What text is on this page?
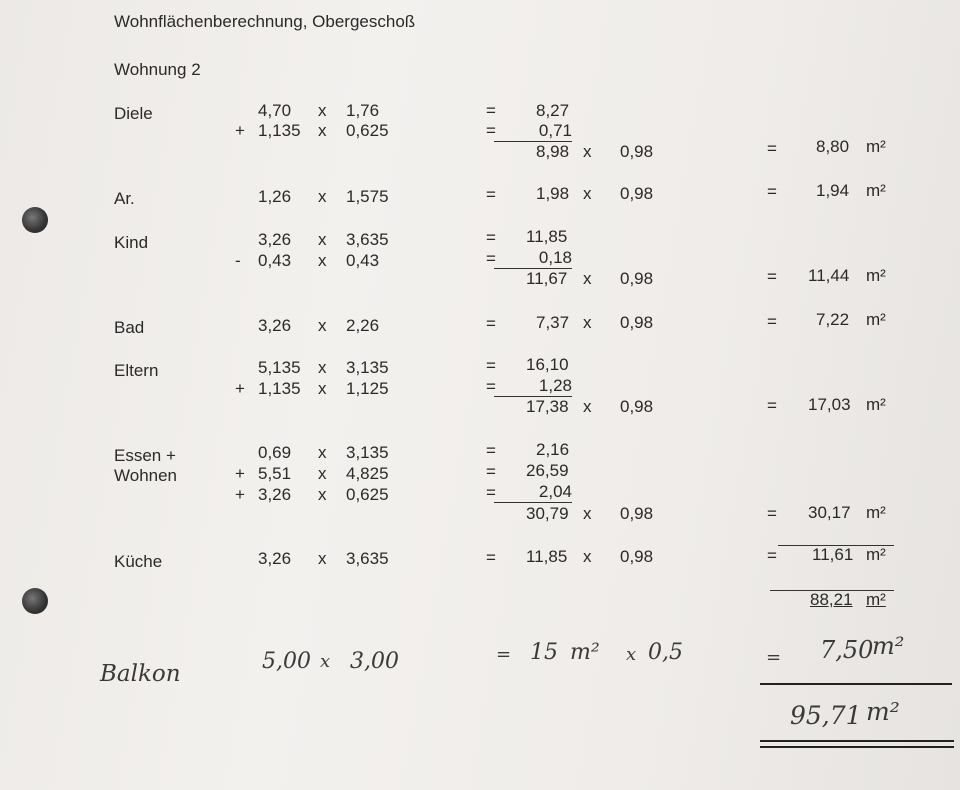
Wohnflächenberechnung, Obergeschoß
Wohnung 2
Diele	4,70 x 1,76	= 8,27
+ 1,135 x 0,625	=	0,71
8,98 x 0,98	= 8,80 m²
Ar.	1,26 x 1,575	= 1,98 x 0,98	= 1,94 m²
Kind	3,26 x 3,635	= 11,85
- 0,43 x 0,43	=	0,18
11,67 x 0,98	= 11,44 m²
Bad	3,26 x 2,26	= 7,37 x 0,98	= 7,22 m²
Eltern	5,135 x 3,135	= 16,10
+ 1,135 x 1,125	=	1,28
17,38 x 0,98	= 17,03 m²
Essen +
Wohnen
0,69 x 3,135	= 2,16
+ 5,51 x 4,825	= 26,59
+ 3,26 x 0,625	=	2,04
30,79 x 0,98	= 30,17 m²
Küche	3,26 x 3,635	= 11,85 x 0,98	= 11,61 m²
88,21 m²
Balkon	5,00 x 3,00	= 15 m² x 0,5	= 7,50
m²
95,71 m²
